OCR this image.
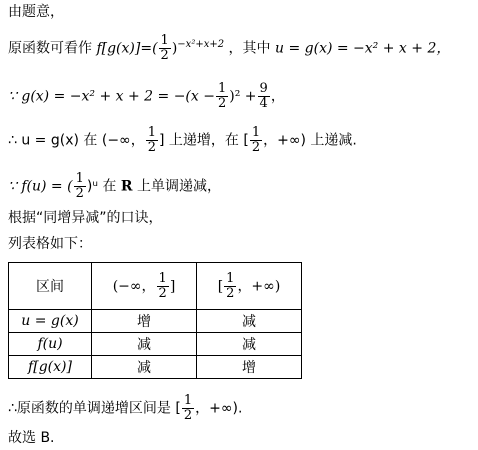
由题意，
原函数可看作 $f[g(x)]=( \frac{1}{2} )^{-x^2+x+2}$ ，其中 u = g(x) = −x² + x + 2，
∵ $g(x) = -x^2 + x + 2 = -(x - \frac{1}{2} )^2 + \frac{9}{4}$ ，
∴ u = g(x) 在 (−∞， $\frac{1}{2}$ ] 上递增，在 [ $\frac{1}{2}$ ，+∞) 上递减.
∵ f(u) = ( $\frac{1}{2}$ )ᵘ 在 R 上单调递减，
根据“同增异减”的口诀，
列表格如下：
区间	(−∞， $\frac{1}{2}$ ]	[ $\frac{1}{2}$ ，+∞)
u = g(x)	增	减
f(u)	减	减
f[g(x)]	减	增
∴原函数的单调递增区间是 [ $\frac{1}{2}$ ，+∞).
故选 B.
